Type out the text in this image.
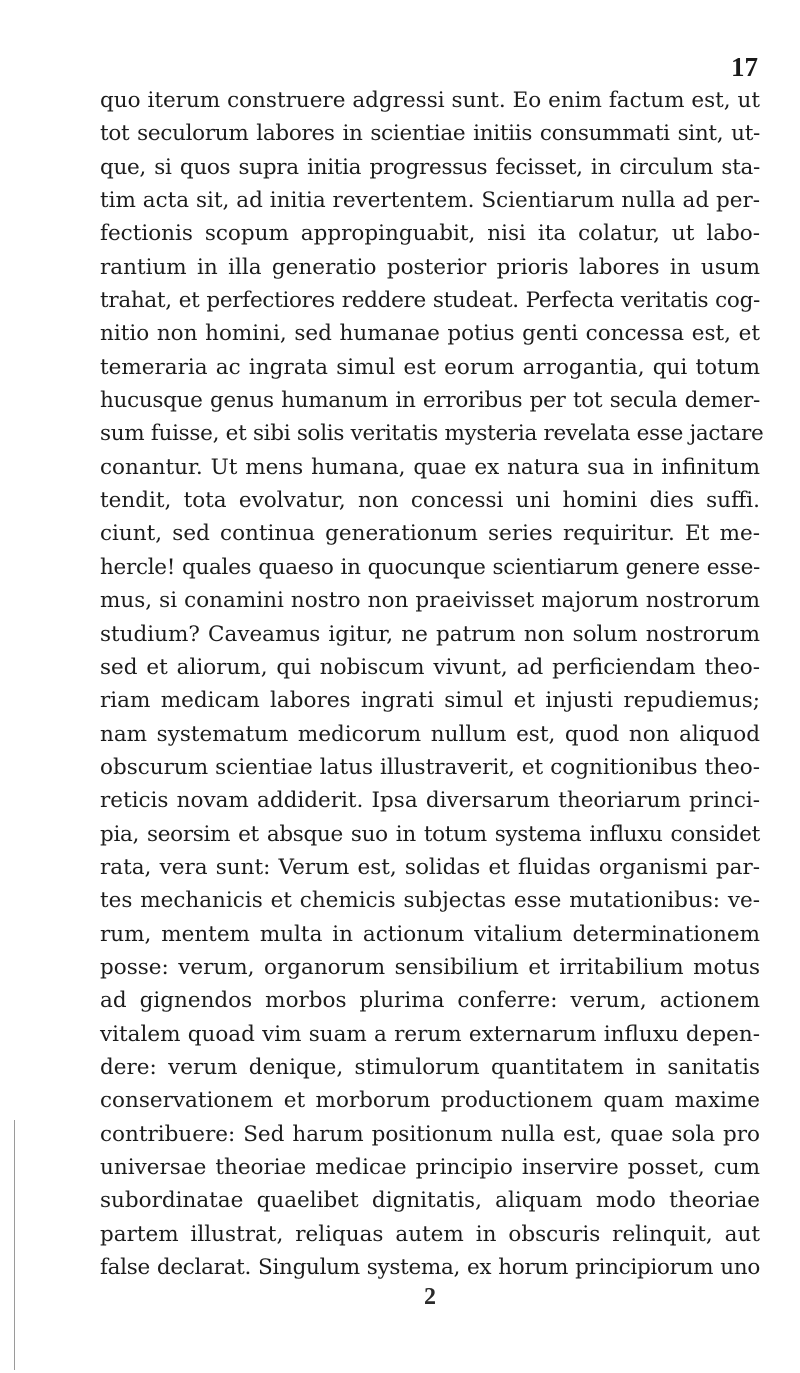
17
quo iterum construere adgressi sunt. Eo enim factum est, ut
tot seculorum labores in scientiae initiis consummati sint, ut-
que, si quos supra initia progressus fecisset, in circulum sta-
tim acta sit, ad initia revertentem. Scientiarum nulla ad per-
fectionis scopum appropinguabit, nisi ita colatur, ut labo-
rantium in illa generatio posterior prioris labores in usum
trahat, et perfectiores reddere studeat. Perfecta veritatis cog-
nitio non homini, sed humanae potius genti concessa est, et
temeraria ac ingrata simul est eorum arrogantia, qui totum
hucusque genus humanum in erroribus per tot secula demer-
sum fuisse, et sibi solis veritatis mysteria revelata esse jactare
conantur. Ut mens humana, quae ex natura sua in infinitum
tendit, tota evolvatur, non concessi uni homini dies suffi.
ciunt, sed continua generationum series requiritur. Et me-
hercle! quales quaeso in quocunque scientiarum genere esse-
mus, si conamini nostro non praeivisset majorum nostrorum
studium? Caveamus igitur, ne patrum non solum nostrorum
sed et aliorum, qui nobiscum vivunt, ad perficiendam theo-
riam medicam labores ingrati simul et injusti repudiemus;
nam systematum medicorum nullum est, quod non aliquod
obscurum scientiae latus illustraverit, et cognitionibus theo-
reticis novam addiderit. Ipsa diversarum theoriarum princi-
pia, seorsim et absque suo in totum systema influxu considet
rata, vera sunt: Verum est, solidas et fluidas organismi par-
tes mechanicis et chemicis subjectas esse mutationibus: ve-
rum, mentem multa in actionum vitalium determinationem
posse: verum, organorum sensibilium et irritabilium motus
ad gignendos morbos plurima conferre: verum, actionem
vitalem quoad vim suam a rerum externarum influxu depen-
dere: verum denique, stimulorum quantitatem in sanitatis
conservationem et morborum productionem quam maxime
contribuere: Sed harum positionum nulla est, quae sola pro
universae theoriae medicae principio inservire posset, cum
subordinatae quaelibet dignitatis, aliquam modo theoriae
partem illustrat, reliquas autem in obscuris relinquit, aut
false declarat. Singulum systema, ex horum principiorum uno
2
